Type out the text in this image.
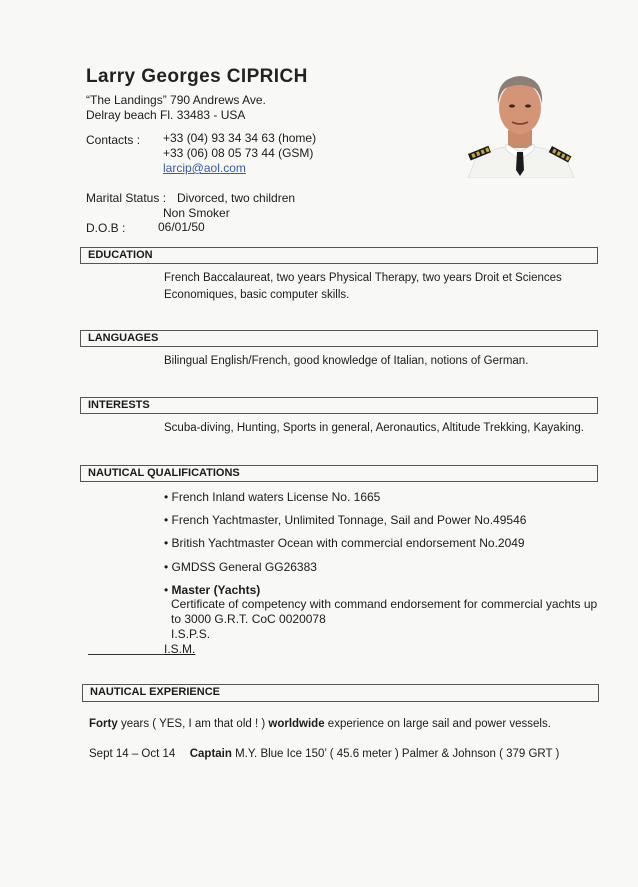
Larry Georges CIPRICH
“The Landings” 790 Andrews Ave.
Delray beach Fl. 33483 - USA
Contacts : +33 (04) 93 34 34 63 (home)
+33 (06) 08 05 73 44 (GSM)
larcip@aol.com
Marital Status : Divorced, two children
Non Smoker
D.O.B :	06/01/50
EDUCATION
French Baccalaureat, two years Physical Therapy, two years Droit et Sciences
Economiques, basic computer skills.
LANGUAGES
Bilingual English/French, good knowledge of Italian, notions of German.
INTERESTS
Scuba-diving, Hunting, Sports in general, Aeronautics, Altitude Trekking, Kayaking.
NAUTICAL QUALIFICATIONS
• French Inland waters License No. 1665
• French Yachtmaster, Unlimited Tonnage, Sail and Power No.49546
• British Yachtmaster Ocean with commercial endorsement No.2049
• GMDSS General GG26383
• Master (Yachts)
Certificate of competency with command endorsement for commercial yachts up
to 3000 G.R.T. CoC 0020078
I.S.P.S.
I.S.M.
NAUTICAL EXPERIENCE
Forty years ( YES, I am that old ! ) worldwide experience on large sail and power vessels.
Sept 14 – Oct 14 Captain M.Y. Blue Ice 150’ ( 45.6 meter ) Palmer & Johnson ( 379 GRT )
